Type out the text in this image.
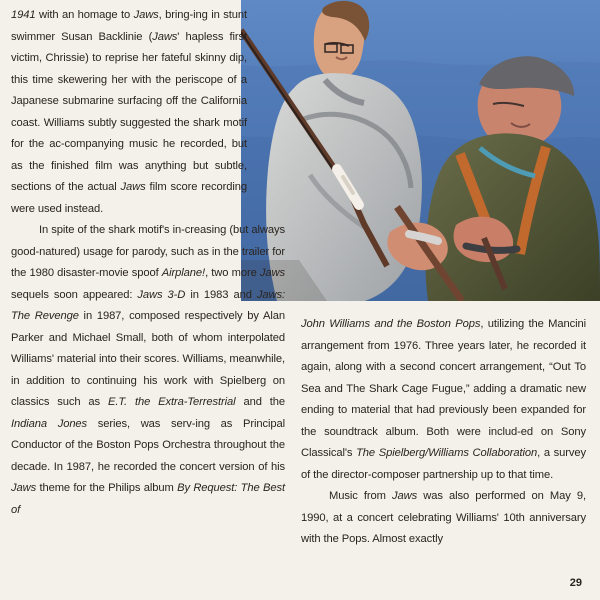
1941 with an homage to Jaws, bring-ing in stunt swimmer Susan Backlinie (Jaws' hapless first victim, Chrissie) to reprise her fateful skinny dip, this time skewering her with the periscope of a Japanese submarine surfacing off the California coast. Williams subtly suggested the shark motif for the ac-companying music he recorded, but as the finished film was anything but subtle, sections of the actual Jaws film score recording were used instead.

In spite of the shark motif's in-creasing (but always good-natured) usage for parody, such as in the trailer for the 1980 disaster-movie spoof Airplane!, two more Jaws sequels soon appeared: Jaws 3-D in 1983 and Jaws: The Revenge in 1987, composed respectively by Alan Parker and Michael Small, both of whom interpolated Williams' material into their scores. Williams, meanwhile, in addition to continuing his work with Spielberg on classics such as E.T. the Extra-Terrestrial and the Indiana Jones series, was serv-ing as Principal Conductor of the Boston Pops Orchestra throughout the decade. In 1987, he recorded the concert version of his Jaws theme for the Philips album By Request: The Best of

John Williams and the Boston Pops, utilizing the Mancini arrangement from 1976. Three years later, he recorded it again, along with a second concert arrangement, “Out To Sea and The Shark Cage Fugue,” adding a dramatic new ending to material that had previously been expanded for the soundtrack album. Both were includ-ed on Sony Classical's The Spielberg/Williams Collaboration, a survey of the director-composer partnership up to that time.

Music from Jaws was also performed on May 9, 1990, at a concert celebrating Williams' 10th anniversary with the Pops. Almost exactly

29
